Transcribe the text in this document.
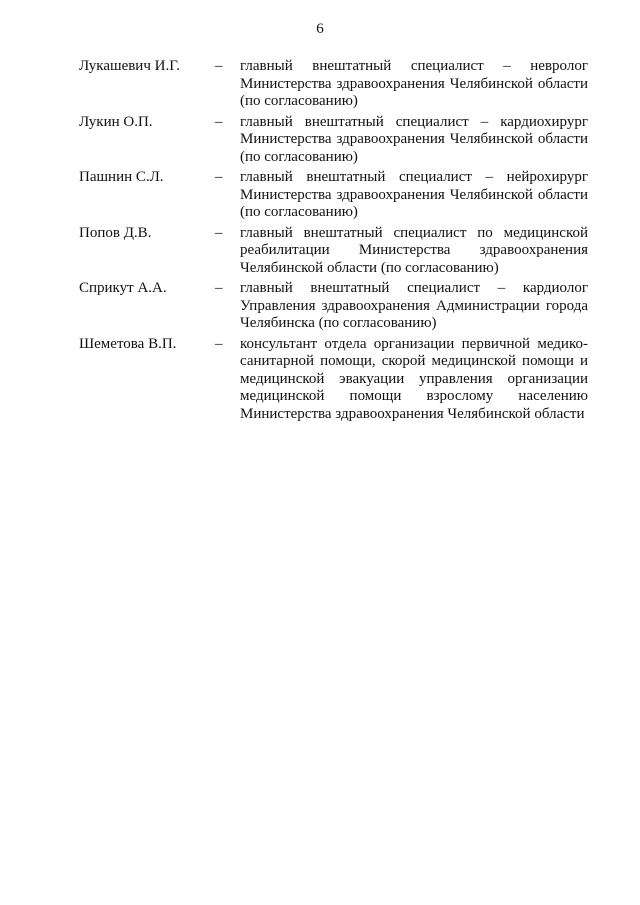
6
Лукашевич И.Г.	–	главный внештатный специалист – невролог Министерства здравоохранения Челябинской области (по согласованию)
Лукин О.П.	–	главный внештатный специалист – кардиохирург Министерства здравоохранения Челябинской области (по согласованию)
Пашнин С.Л.	–	главный внештатный специалист – нейрохирург Министерства здравоохранения Челябинской области (по согласованию)
Попов Д.В.	–	главный внештатный специалист по медицинской реабилитации Министерства здравоохранения Челябинской области (по согласованию)
Сприкут А.А.	–	главный внештатный специалист – кардиолог Управления здравоохранения Администрации города Челябинска (по согласованию)
Шеметова В.П.	–	консультант отдела организации первичной медико-санитарной помощи, скорой медицинской помощи и медицинской эвакуации управления организации медицинской помощи взрослому населению Министерства здравоохранения Челябинской области
